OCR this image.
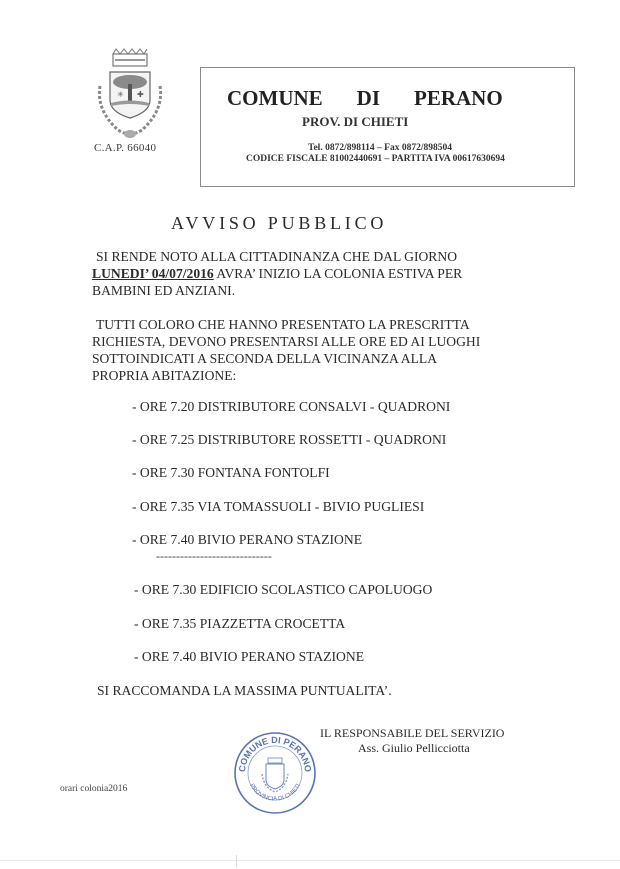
✳ ✚
C.A.P. 66040
COMUNE DI PERANO
PROV. DI CHIETI
Tel. 0872/898114 – Fax 0872/898504
CODICE FISCALE 81002440691 – PARTITA IVA 00617630694
AVVISO PUBBLICO
SI RENDE NOTO ALLA CITTADINANZA CHE DAL GIORNO
LUNEDI’ 04/07/2016 AVRA’ INIZIO LA COLONIA ESTIVA PER
BAMBINI ED ANZIANI.
TUTTI COLORO CHE HANNO PRESENTATO LA PRESCRITTA
RICHIESTA, DEVONO PRESENTARSI ALLE ORE ED AI LUOGHI
SOTTOINDICATI A SECONDA DELLA VICINANZA ALLA
PROPRIA ABITAZIONE:
- ORE 7.20 DISTRIBUTORE CONSALVI - QUADRONI
- ORE 7.25 DISTRIBUTORE ROSSETTI - QUADRONI
- ORE 7.30 FONTANA FONTOLFI
- ORE 7.35 VIA TOMASSUOLI - BIVIO PUGLIESI
- ORE 7.40 BIVIO PERANO STAZIONE
-----------------------------
- ORE 7.30 EDIFICIO SCOLASTICO CAPOLUOGO
- ORE 7.35 PIAZZETTA CROCETTA
- ORE 7.40 BIVIO PERANO STAZIONE
SI RACCOMANDA LA MASSIMA PUNTUALITA’.
IL RESPONSABILE DEL SERVIZIO
Ass. Giulio Pellicciotta
COMUNE DI PERANO
PROVINCIA DI CHIETI
orari colonia2016
